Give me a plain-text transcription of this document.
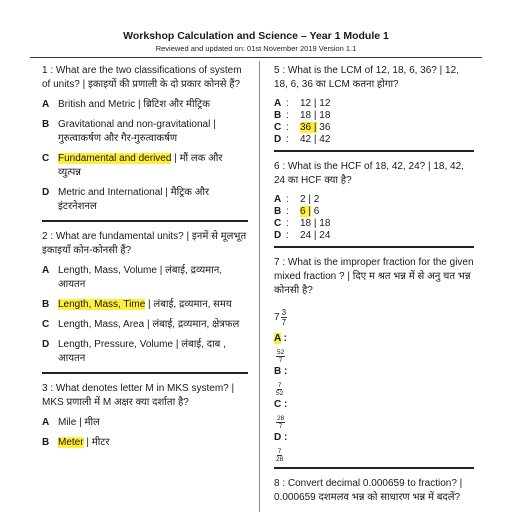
Workshop Calculation and Science – Year 1 Module 1
Reviewed and updated on: 01st November 2019 Version 1.1

1 : What are the two classifications of system of units? | इकाइयों की प्रणाली के दो प्रकार कोनसे हैं?

A British and Metric | ब्रिटिश और मीट्रिक
B Gravitational and non-gravitational | गुरुत्वाकर्षण और गैर-गुरुत्वाकर्षण
C Fundamental and derived | मौं लक और व्युत्पन्न
D Metric and International | मैट्रिक और इंटरनेशनल

2 : What are fundamental units? | इनमें से मूलभूत इकाइयाँ कोन-कोनसी हैं?

A Length, Mass, Volume | लंबाई, द्रव्यमान, आयतन
B Length, Mass, Time | लंबाई, द्रव्यमान, समय
C Length, Mass, Area | लंबाई, द्रव्यमान, क्षेत्रफल
D Length, Pressure, Volume | लंबाई, दाब , आयतन

3 : What denotes letter M in MKS system? | MKS प्रणाली में M अक्षर क्या दर्शाता है?

A Mile | मील
B Meter | मीटर

5 : What is the LCM of 12, 18, 6, 36? | 12, 18, 6, 36 का LCM कतना होगा?

A :	12 | 12
B :	18 | 18
C :	36 | 36
D :	42 | 42

6 : What is the HCF of 18, 42, 24? | 18, 42, 24 का HCF क्या है?

A :	2 | 2
B :	6 | 6
C :	18 | 18
D :	24 | 24

7 : What is the improper fraction for the given mixed fraction ? | दिए म श्रत भन्न में से अनु चत भन्न कोनसी है?

$7 \frac{3}{7}$
A :
$\frac{52}{7}$
B :
$\frac{7}{52}$
C :
$\frac{28}{7}$
D :
$\frac{7}{28}$

8 : Convert decimal 0.000659 to fraction? | 0.000659 दशमलव भन्न को साधारण भन्न में बदलें?
